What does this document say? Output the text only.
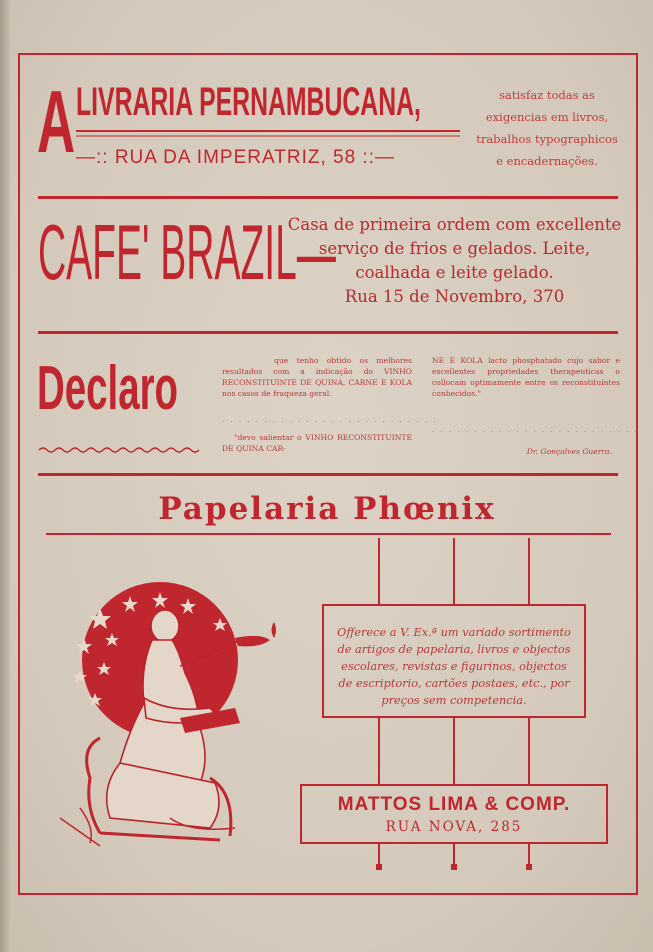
A LIVRARIA PERNAMBUCANA,
—:: RUA DA IMPERATRIZ, 58 ::—
satisfaz todas as exigencias em livros, trabalhos typographicos e encadernações.
CAFE' BRAZIL—
Casa de primeira ordem com excellente serviço de frios e gelados. Leite, coalhada e leite gelado.
Rua 15 de Novembro, 370
Declaro	que tenho obtido os melhores resultados com a indicação do VINHO RECONSTITUINTE DE QUINA, CARNE E KOLA nos casos de fraqueza geral.
. . . . . . . . . . . . . . . . . . . . . . . . . .
"devo salientar o VINHO RECONSTITUINTE DE QUINA CAR-
NE E KOLA lacto phosphatado cujo sabor e excellentes propriedades therapeuticas o collocam optimamente entre os reconstituintes conhecidos."
. . . . . . . . . . . . . . . . . . . . . . . . .
Dr. Gonçalves Guerra.
Papelaria Phœnix
Offerece a V. Ex.ª um variado sortimento de artigos de papelaria, livros e objectos escolares, revistas e figurinos, objectos de escriptorio, cartões postaes, etc., por preços sem competencia.
MATTOS LIMA & COMP.
RUA NOVA, 285
